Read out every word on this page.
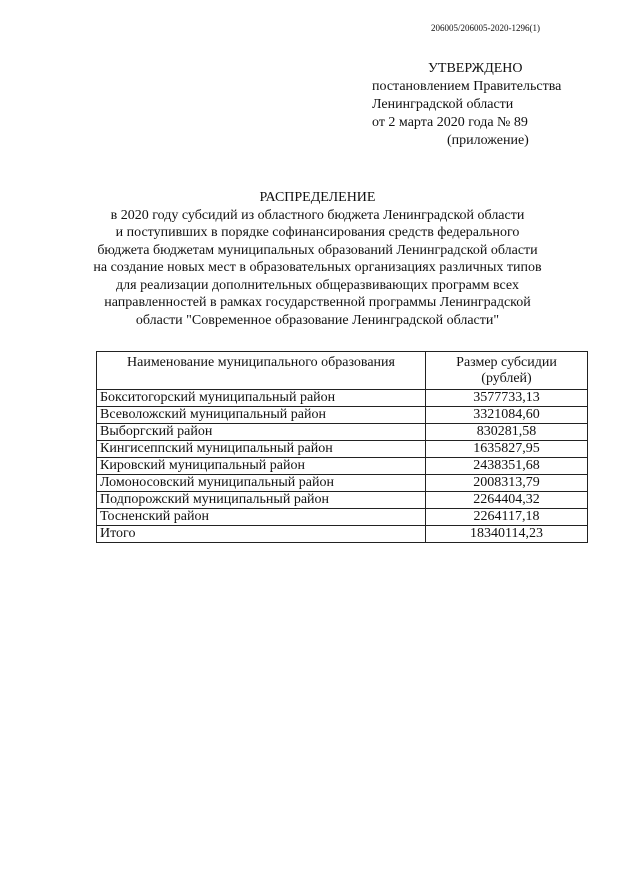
206005/206005-2020-1296(1)
УТВЕРЖДЕНО
постановлением Правительства
Ленинградской области
от 2 марта 2020 года № 89
(приложение)
РАСПРЕДЕЛЕНИЕ
в 2020 году субсидий из областного бюджета Ленинградской области
и поступивших в порядке софинансирования средств федерального
бюджета бюджетам муниципальных образований Ленинградской области
на создание новых мест в образовательных организациях различных типов
для реализации дополнительных общеразвивающих программ всех
направленностей в рамках государственной программы Ленинградской
области "Современное образование Ленинградской области"
Наименование муниципального образования	Размер субсидии
(рублей)

Бокситогорский муниципальный район	3577733,13
Всеволожский муниципальный район	3321084,60
Выборгский район	830281,58
Кингисеппский муниципальный район	1635827,95
Кировский муниципальный район	2438351,68
Ломоносовский муниципальный район	2008313,79
Подпорожский муниципальный район	2264404,32
Тосненский район	2264117,18
Итого	18340114,23
